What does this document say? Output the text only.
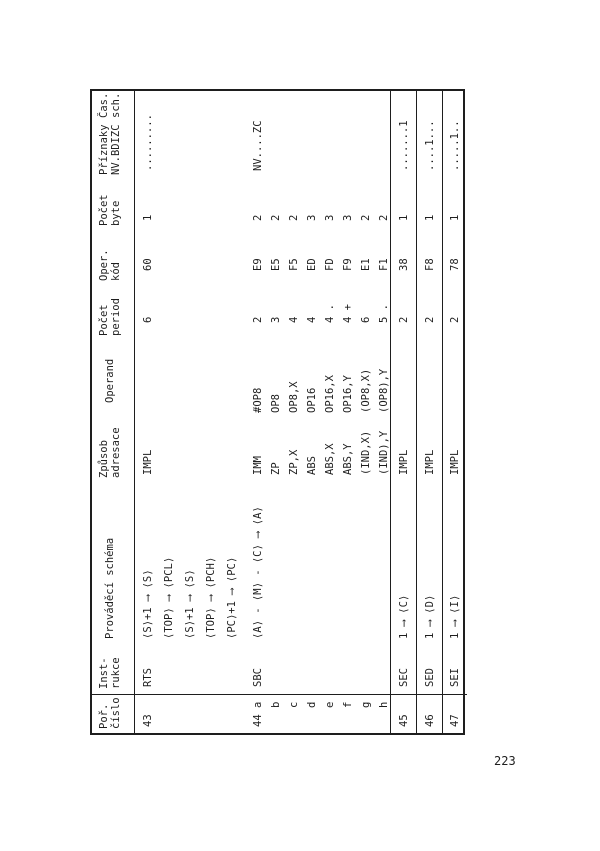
Poř.
číslo
Inst-
rukce
Prováděcí schéma
Způsob
adresace
Operand
Počet
period
Oper.
kód
Počet
byte
Příznaky
NV.BDIZC
Čas.
sch.
43
RTS
⟨S⟩+1 ⟶ ⟨S⟩ ⟨TOP⟩ ⟶ ⟨PCL⟩ ⟨S⟩+1 ⟶ ⟨S⟩ ⟨TOP⟩ ⟶ ⟨PCH⟩ ⟨PC⟩+1 ⟶ ⟨PC⟩
IMPL
6
60
1
.........
44
a b c d e f g h
SBC
⟨A⟩ - ⟨M⟩ - ⟨C⟩ ⟶ ⟨A⟩
IMM ZP ZP,X ABS ABS,X ABS,Y (IND,X) (IND),Y
#OP8 OP8 OP8,X OP16 OP16,X OP16,Y (OP8,X) (OP8),Y
2 3 4 4 4 . 4 + 6 5 .
E9 E5 F5 ED FD F9 E1 F1
2 2 2 3 3 3 2 2
NV....ZC
45
SEC
1 ⟶ ⟨C⟩
IMPL
2
38
1
.......1
46
SED
1 ⟶ ⟨D⟩
IMPL
2
F8
1
....1...
47
SEI
1 ⟶ ⟨I⟩
IMPL
2
78
1
.....1..
223
